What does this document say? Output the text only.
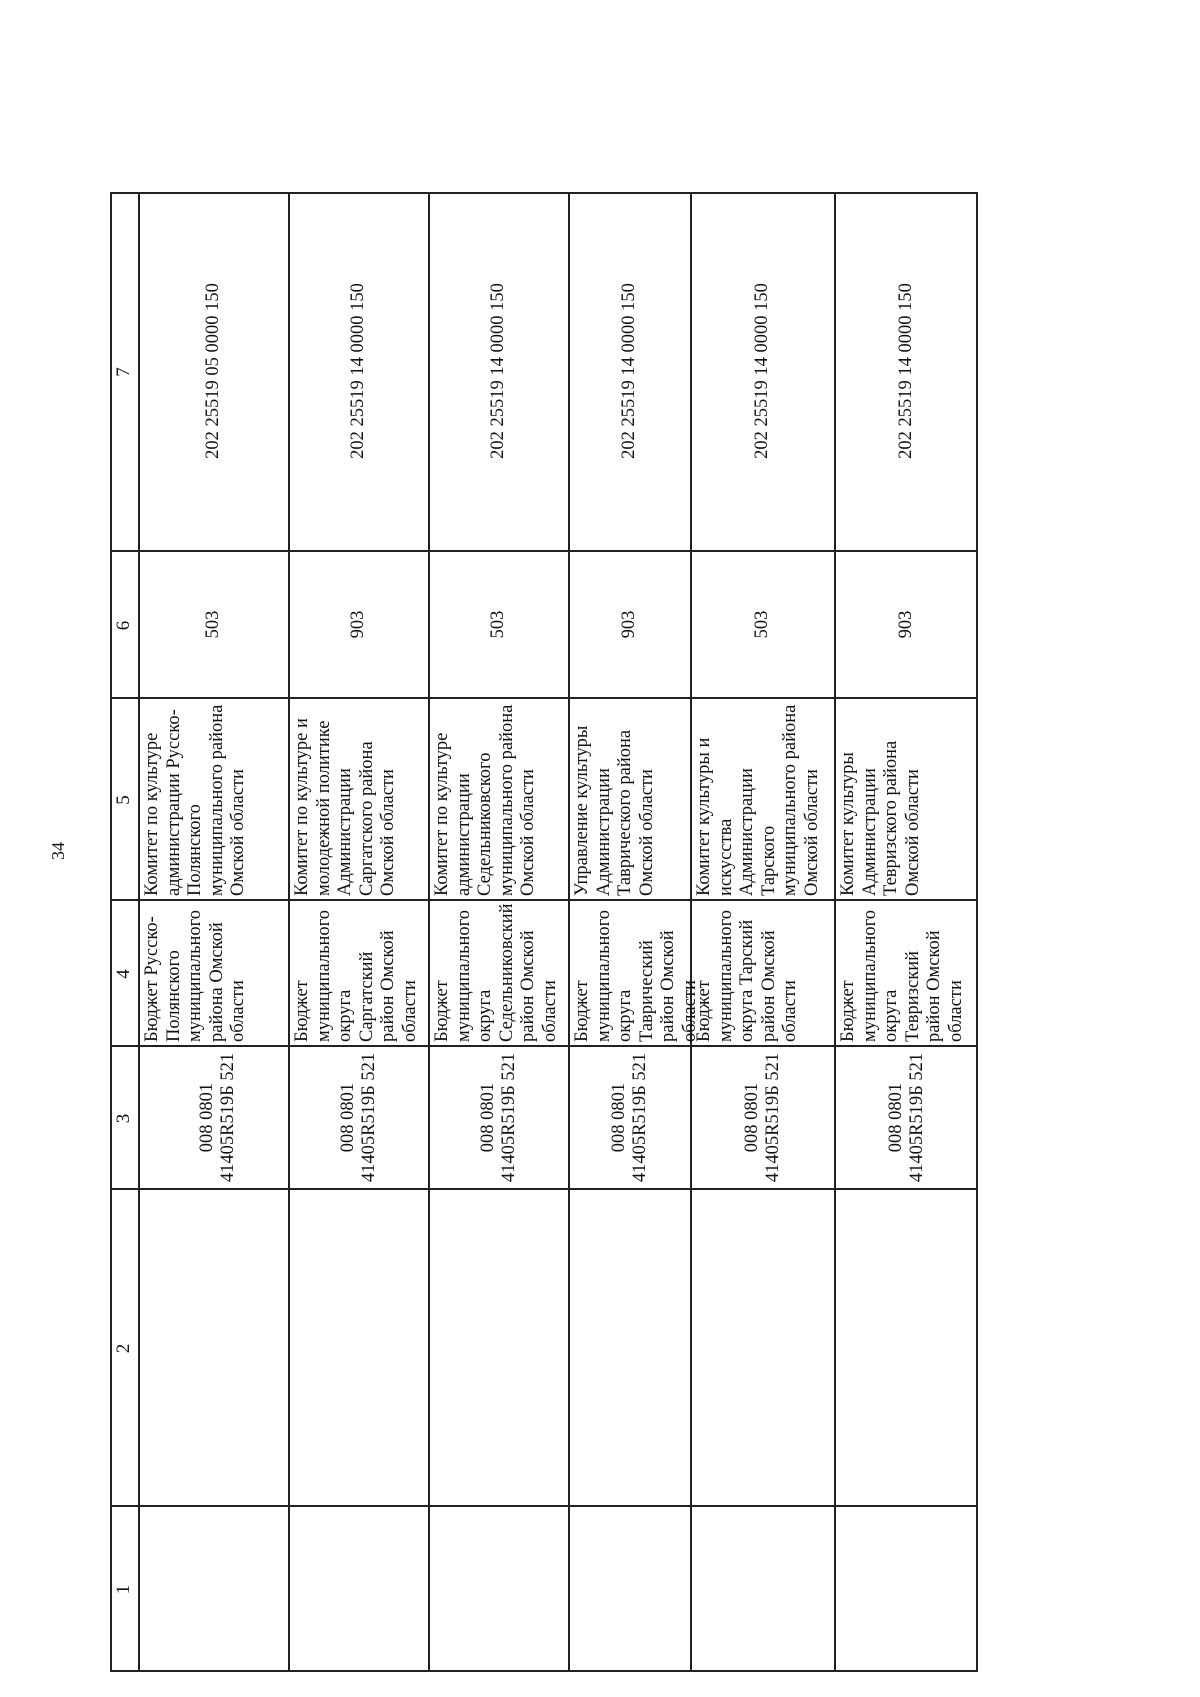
34
1
2
3
4
5
6
7
008 0801 41405R519Б 521
Бюджет Русско-Полянского муниципального района Омской области
Комитет по культуре администрации Русско-Полянского муниципального района Омской области
503
202 25519 05 0000 150
008 0801 41405R519Б 521
Бюджет муниципального округа Саргатский район Омской области
Комитет по культуре и молодежной политике Администрации Саргатского района Омской области
903
202 25519 14 0000 150
008 0801 41405R519Б 521
Бюджет муниципального округа Седельниковский район Омской области
Комитет по культуре администрации Седельниковского муниципального района Омской области
503
202 25519 14 0000 150
008 0801 41405R519Б 521
Бюджет муниципального округа Таврический район Омской области
Управление культуры Администрации Таврического района Омской области
903
202 25519 14 0000 150
008 0801 41405R519Б 521
Бюджет муниципального округа Тарский район Омской области
Комитет культуры и искусства Администрации Тарского муниципального района Омской области
503
202 25519 14 0000 150
008 0801 41405R519Б 521
Бюджет муниципального округа Тевризский район Омской области
Комитет культуры Администрации Тевризского района Омской области
903
202 25519 14 0000 150
